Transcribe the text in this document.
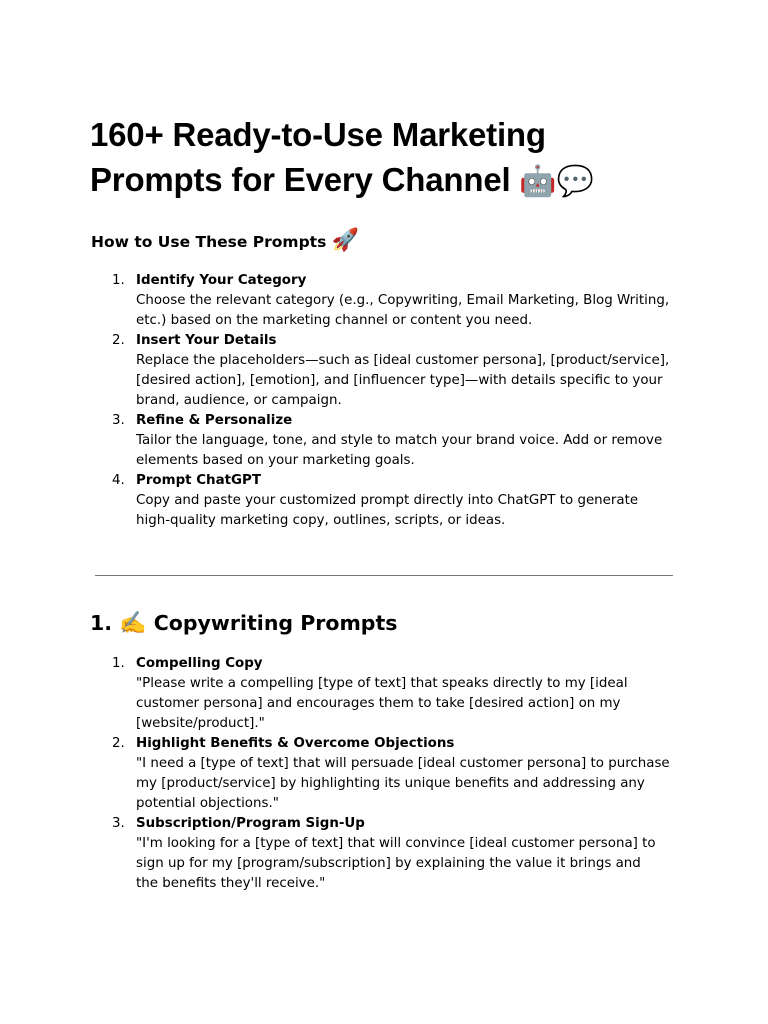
160+ Ready-to-Use Marketing
Prompts for Every Channel 🤖💬
How to Use These Prompts 🚀
1. Identify Your Category
Choose the relevant category (e.g., Copywriting, Email Marketing, Blog Writing,
etc.) based on the marketing channel or content you need.
2. Insert Your Details
Replace the placeholders—such as [ideal customer persona], [product/service],
[desired action], [emotion], and [influencer type]—with details specific to your
brand, audience, or campaign.
3. Refine & Personalize
Tailor the language, tone, and style to match your brand voice. Add or remove
elements based on your marketing goals.
4. Prompt ChatGPT
Copy and paste your customized prompt directly into ChatGPT to generate
high-quality marketing copy, outlines, scripts, or ideas.
1. ✍️ Copywriting Prompts
1. Compelling Copy
"Please write a compelling [type of text] that speaks directly to my [ideal
customer persona] and encourages them to take [desired action] on my
[website/product]."
2. Highlight Benefits & Overcome Objections
"I need a [type of text] that will persuade [ideal customer persona] to purchase
my [product/service] by highlighting its unique benefits and addressing any
potential objections."
3. Subscription/Program Sign-Up
"I'm looking for a [type of text] that will convince [ideal customer persona] to
sign up for my [program/subscription] by explaining the value it brings and
the benefits they'll receive."
